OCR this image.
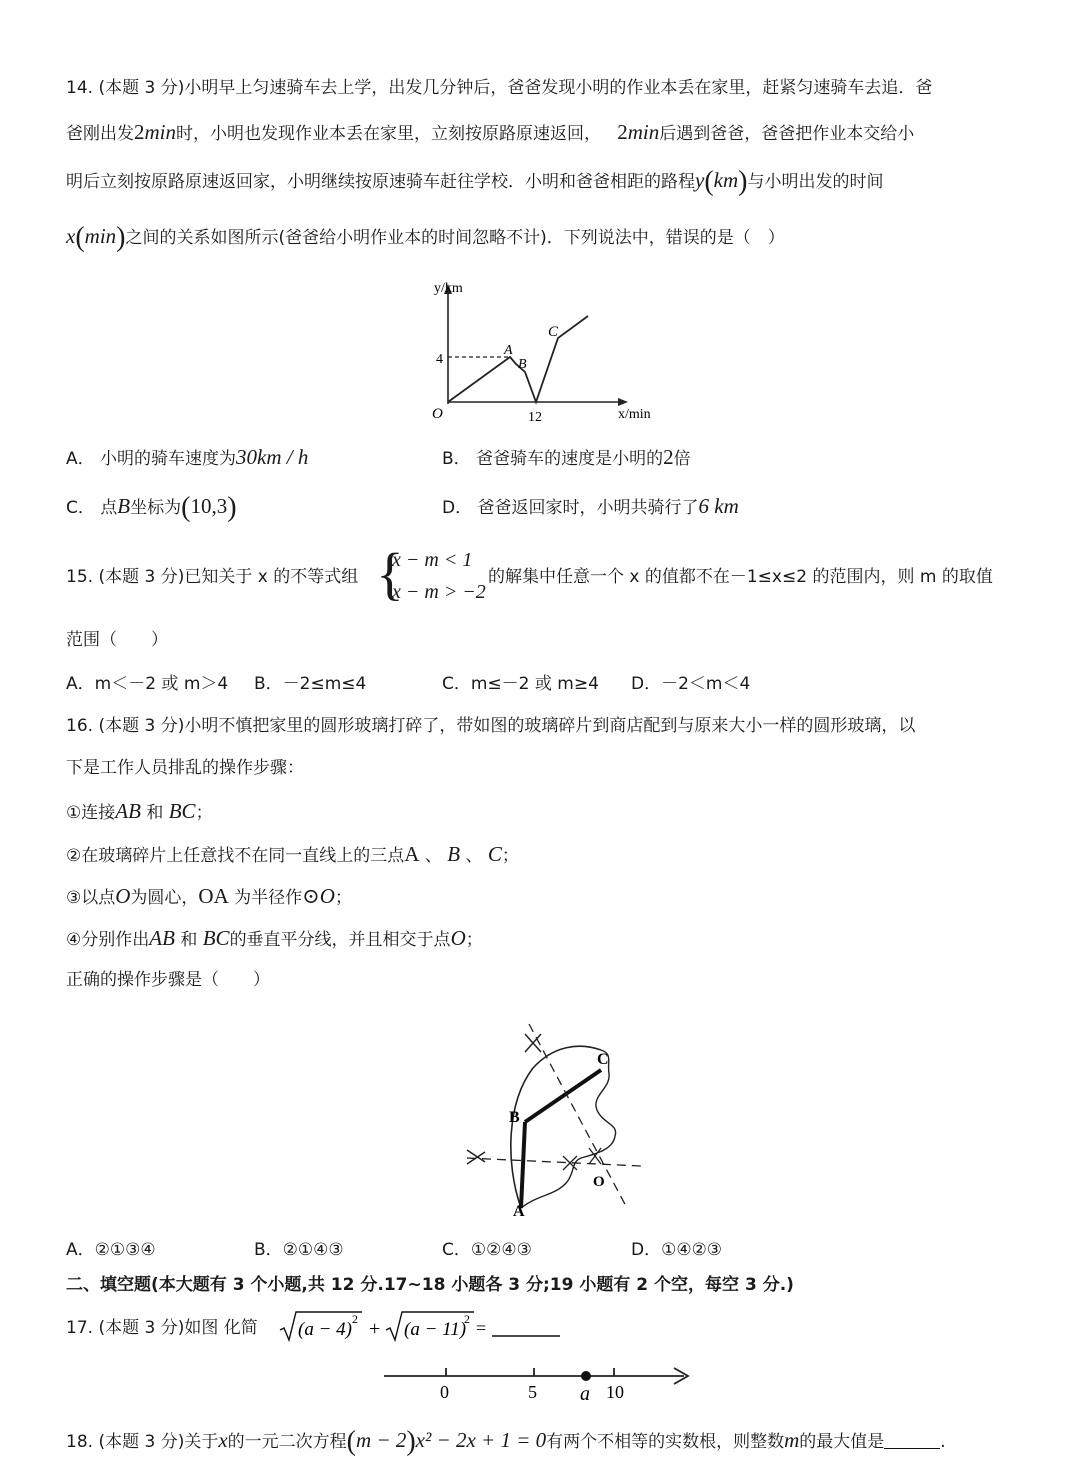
14. (本题 3 分)小明早上匀速骑车去上学，出发几分钟后，爸爸发现小明的作业本丢在家里，赶紧匀速骑车去追．爸
爸刚出发2min时，小明也发现作业本丢在家里，立刻按原路原速返回， 2min后遇到爸爸，爸爸把作业本交给小
明后立刻按原路原速返回家，小明继续按原速骑车赶往学校．小明和爸爸相距的路程y(km)与小明出发的时间
x(min)之间的关系如图所示(爸爸给小明作业本的时间忽略不计)．下列说法中，错误的是（　）
y/km
x/min
4
12
O
A
B
C
A． 小明的骑车速度为30km / h	B． 爸爸骑车的速度是小明的2倍
C． 点B坐标为(10,3)	D． 爸爸返回家时，小明共骑行了6 km
15. (本题 3 分)已知关于 x 的不等式组 {
x − m < 1
x − m > −2
的解集中任意一个 x 的值都不在－1≤x≤2 的范围内，则 m 的取值
范围（　　）
A．m＜－2 或 m＞4 B．－2≤m≤4	C．m≤－2 或 m≥4 D．－2＜m＜4
16. (本题 3 分)小明不慎把家里的圆形玻璃打碎了，带如图的玻璃碎片到商店配到与原来大小一样的圆形玻璃，以
下是工作人员排乱的操作步骤：
①连接AB 和 BC；
②在玻璃碎片上任意找不在同一直线上的三点A 、 B 、 C；
③以点O为圆心，OA 为半径作⊙O；
④分别作出AB 和 BC的垂直平分线，并且相交于点O；
正确的操作步骤是（　　）
B
C
A
O
A．②①③④	B．②①④③	C．①②④③	D．①④②③
二、填空题(本大题有 3 个小题,共 12 分.17~18 小题各 3 分;19 小题有 2 个空，每空 3 分.)
17. (本题 3 分)如图 化简 (a − 4) 2 + (a − 11)
2 =
0	5 a 10
18. (本题 3 分)关于x的一元二次方程(m − 2)x² − 2x + 1 = 0有两个不相等的实数根，则整数m的最大值是	.
